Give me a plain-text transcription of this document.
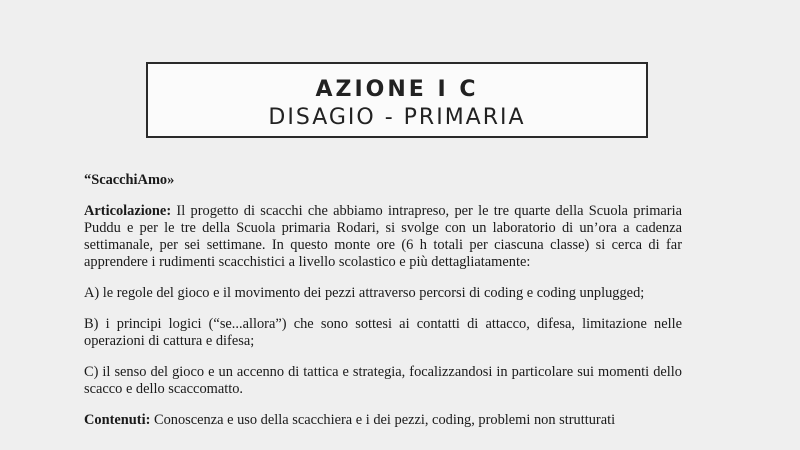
AZIONE I C
DISAGIO - PRIMARIA

“ScacchiAmo»

Articolazione: Il progetto di scacchi che abbiamo intrapreso, per le tre quarte della Scuola primaria Puddu e per le tre della Scuola primaria Rodari, si svolge con un laboratorio di un’ora a cadenza settimanale, per sei settimane. In questo monte ore (6 h totali per ciascuna classe) si cerca di far apprendere i rudimenti scacchistici a livello scolastico e più dettagliatamente:

A) le regole del gioco e il movimento dei pezzi attraverso percorsi di coding e coding unplugged;

B) i principi logici (“se...allora”) che sono sottesi ai contatti di attacco, difesa, limitazione nelle operazioni di cattura e difesa;

C) il senso del gioco e un accenno di tattica e strategia, focalizzandosi in particolare sui momenti dello scacco e dello scaccomatto.

Contenuti: Conoscenza e uso della scacchiera e i dei pezzi, coding, problemi non strutturati
